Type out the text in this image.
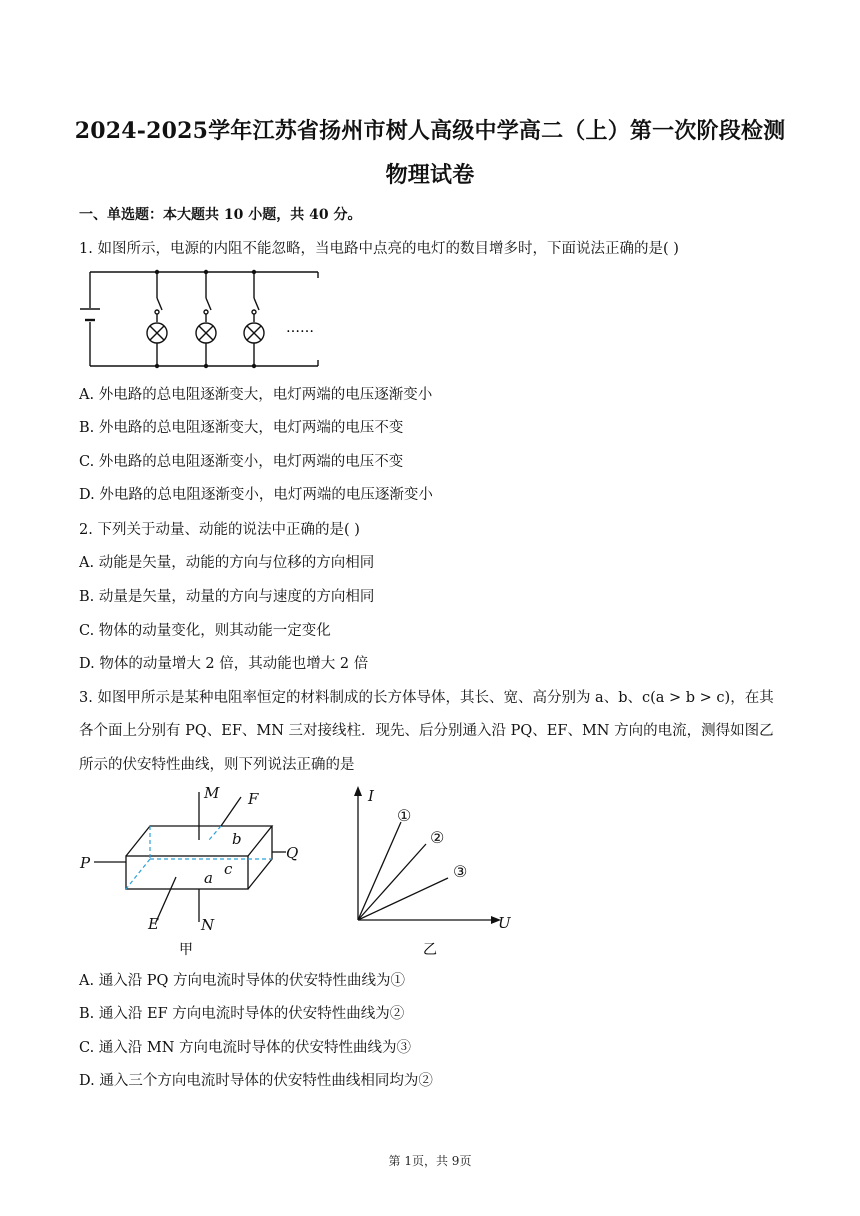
2024-2025学年江苏省扬州市树人高级中学高二（上）第一次阶段检测
物理试卷
一、单选题：本大题共 10 小题，共 40 分。
1. 如图所示，电源的内阻不能忽略，当电路中点亮的电灯的数目增多时，下面说法正确的是( )
……
A. 外电路的总电阻逐渐变大，电灯两端的电压逐渐变小
B. 外电路的总电阻逐渐变大，电灯两端的电压不变
C. 外电路的总电阻逐渐变小，电灯两端的电压不变
D. 外电路的总电阻逐渐变小，电灯两端的电压逐渐变小
2. 下列关于动量、动能的说法中正确的是( )
A. 动能是矢量，动能的方向与位移的方向相同
B. 动量是矢量，动量的方向与速度的方向相同
C. 物体的动量变化，则其动能一定变化
D. 物体的动量增大 2 倍，其动能也增大 2 倍
3. 如图甲所示是某种电阻率恒定的材料制成的长方体导体，其长、宽、高分别为 a、b、c(a > b > c)，在其
各个面上分别有 PQ、EF、MN 三对接线柱．现先、后分别通入沿 PQ、EF、MN 方向的电流，测得如图乙
所示的伏安特性曲线，则下列说法正确的是
M F
P
Q
E	N
a
b
c
甲
I
U
①
②
③
乙
A. 通入沿 PQ 方向电流时导体的伏安特性曲线为①
B. 通入沿 EF 方向电流时导体的伏安特性曲线为②
C. 通入沿 MN 方向电流时导体的伏安特性曲线为③
D. 通入三个方向电流时导体的伏安特性曲线相同均为②
第 1页，共 9页
